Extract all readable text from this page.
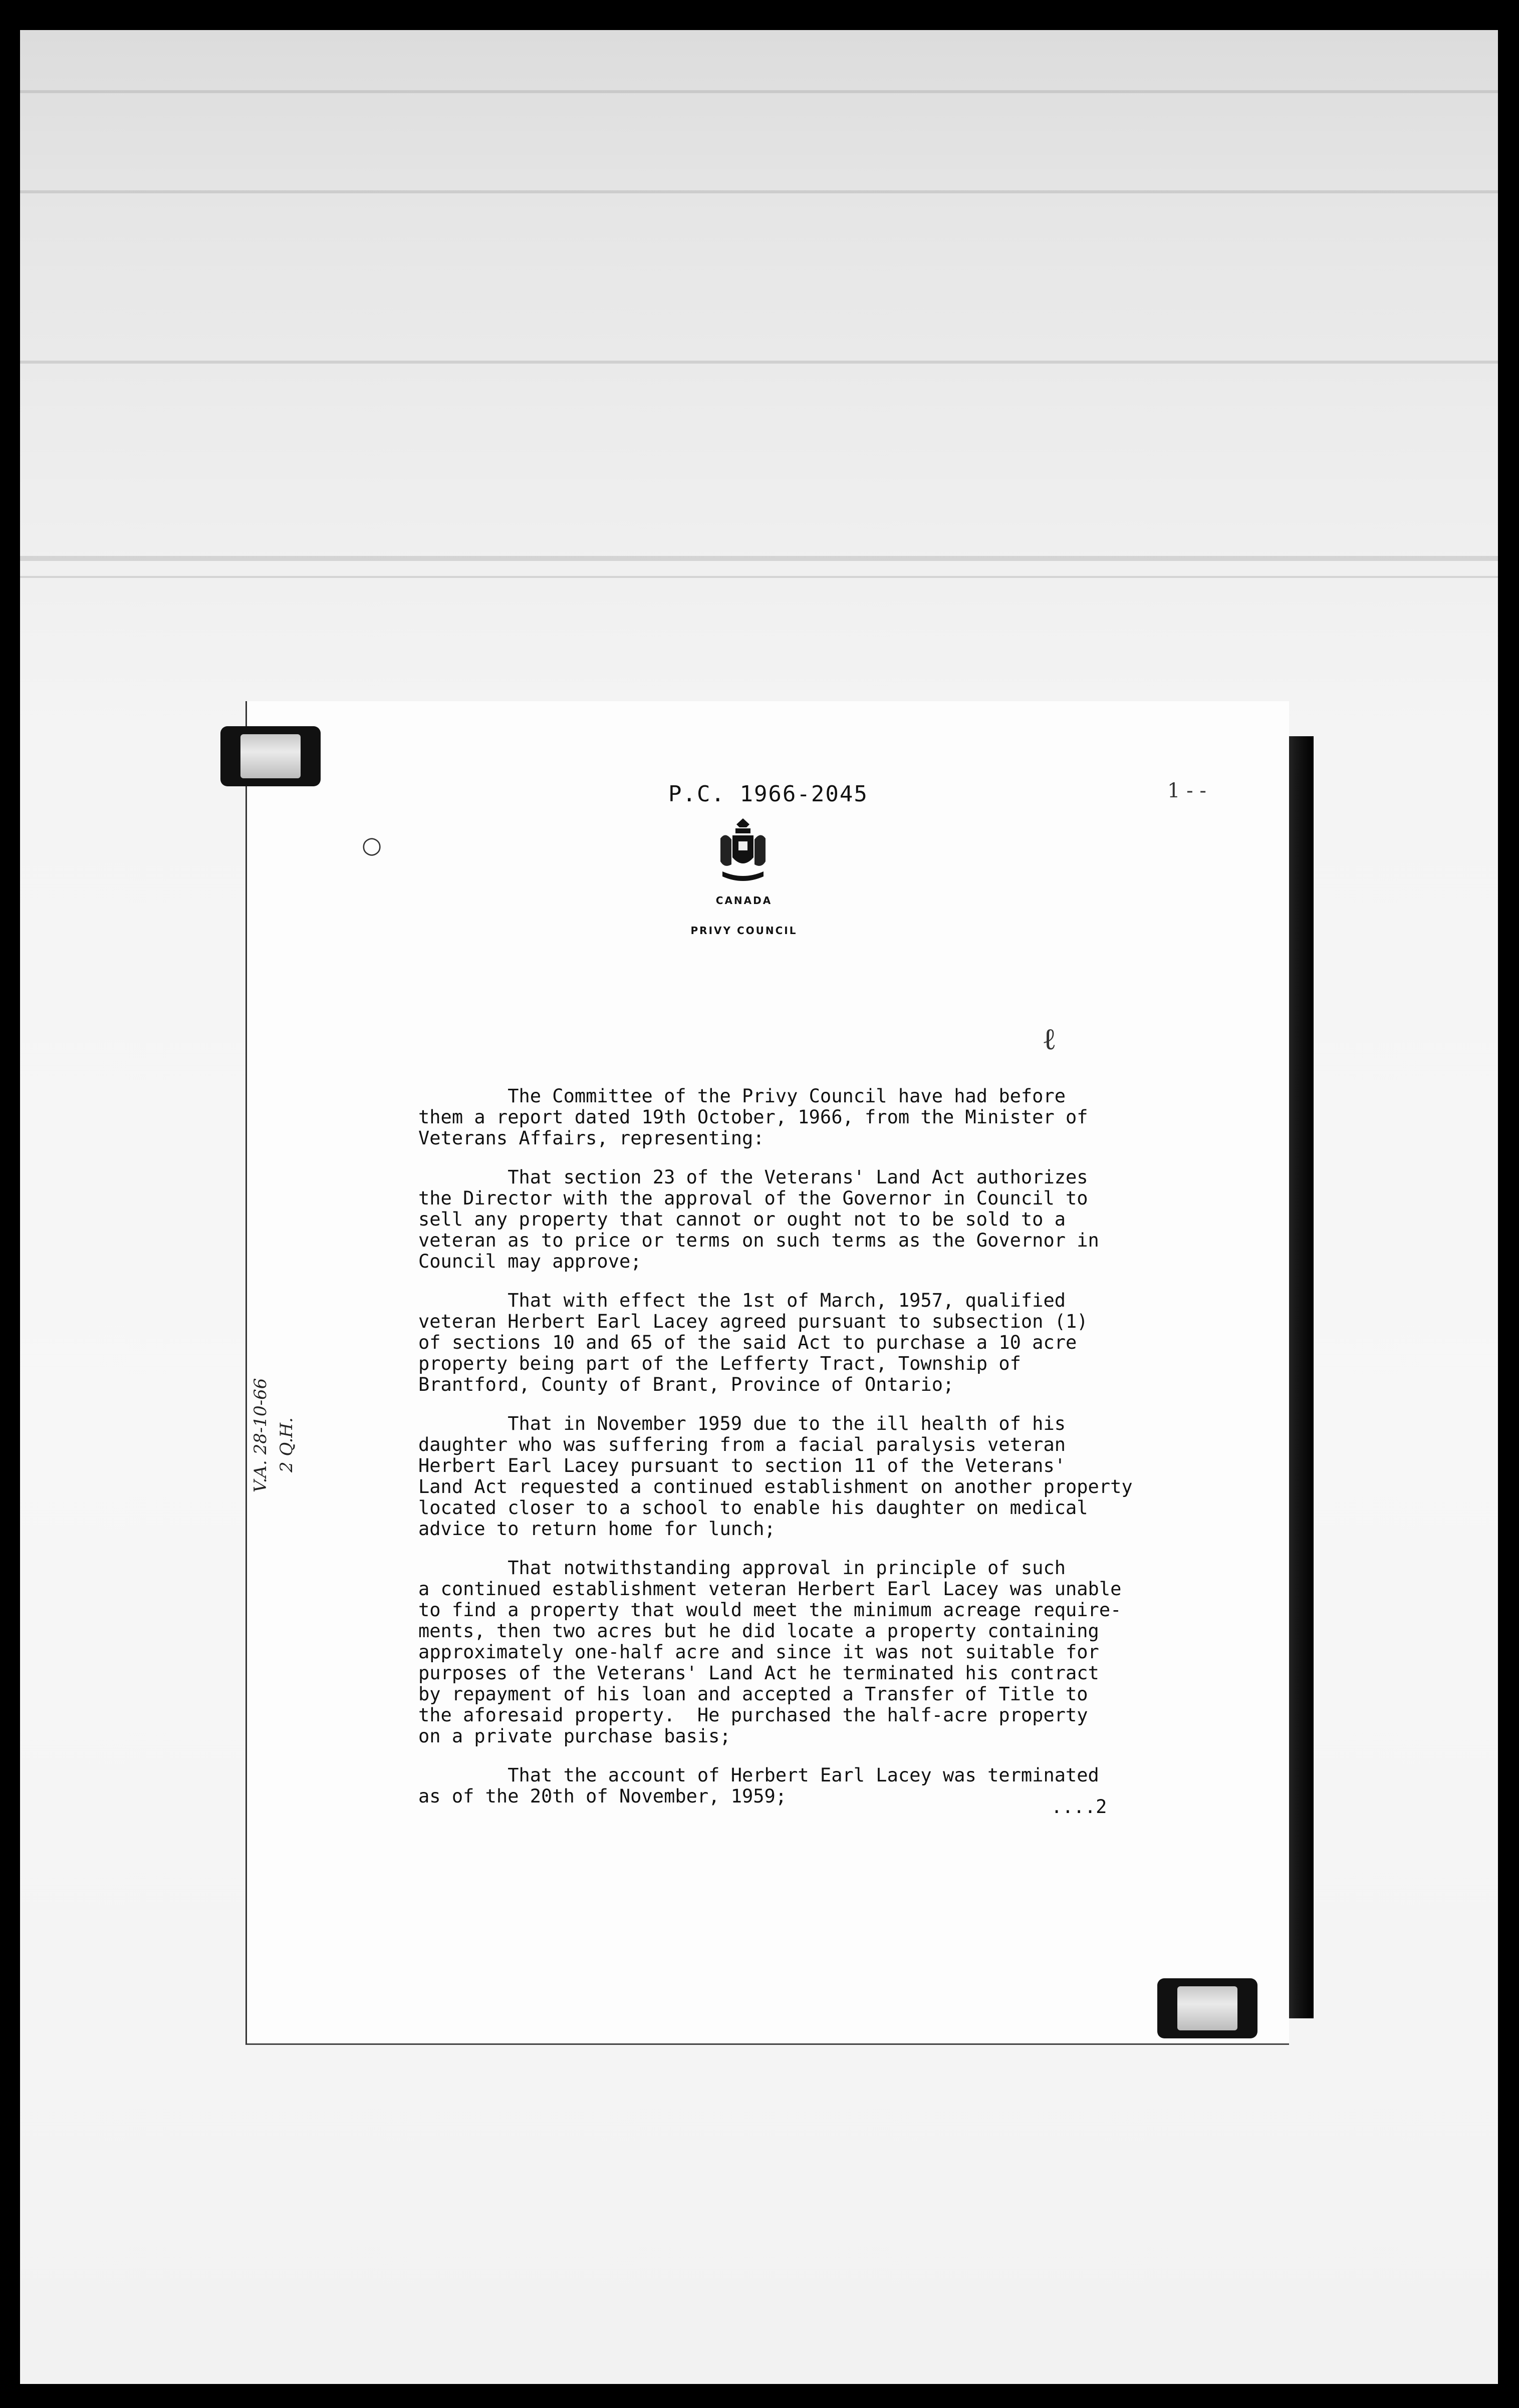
P.C. 1966-2045
CANADA
PRIVY COUNCIL
1 - -
○
ℓ
V.A. 28-10-66 2 Q.H.

The Committee of the Privy Council have had before
them a report dated 19th October, 1966, from the Minister of
Veterans Affairs, representing:

That section 23 of the Veterans' Land Act authorizes
the Director with the approval of the Governor in Council to
sell any property that cannot or ought not to be sold to a
veteran as to price or terms on such terms as the Governor in
Council may approve;

That with effect the 1st of March, 1957, qualified
veteran Herbert Earl Lacey agreed pursuant to subsection (1)
of sections 10 and 65 of the said Act to purchase a 10 acre
property being part of the Lefferty Tract, Township of
Brantford, County of Brant, Province of Ontario;

That in November 1959 due to the ill health of his
daughter who was suffering from a facial paralysis veteran
Herbert Earl Lacey pursuant to section 11 of the Veterans'
Land Act requested a continued establishment on another property
located closer to a school to enable his daughter on medical
advice to return home for lunch;

That notwithstanding approval in principle of such
a continued establishment veteran Herbert Earl Lacey was unable
to find a property that would meet the minimum acreage require-
ments, then two acres but he did locate a property containing
approximately one-half acre and since it was not suitable for
purposes of the Veterans' Land Act he terminated his contract
by repayment of his loan and accepted a Transfer of Title to
the aforesaid property.  He purchased the half-acre property
on a private purchase basis;

That the account of Herbert Earl Lacey was terminated
as of the 20th of November, 1959;	....2
